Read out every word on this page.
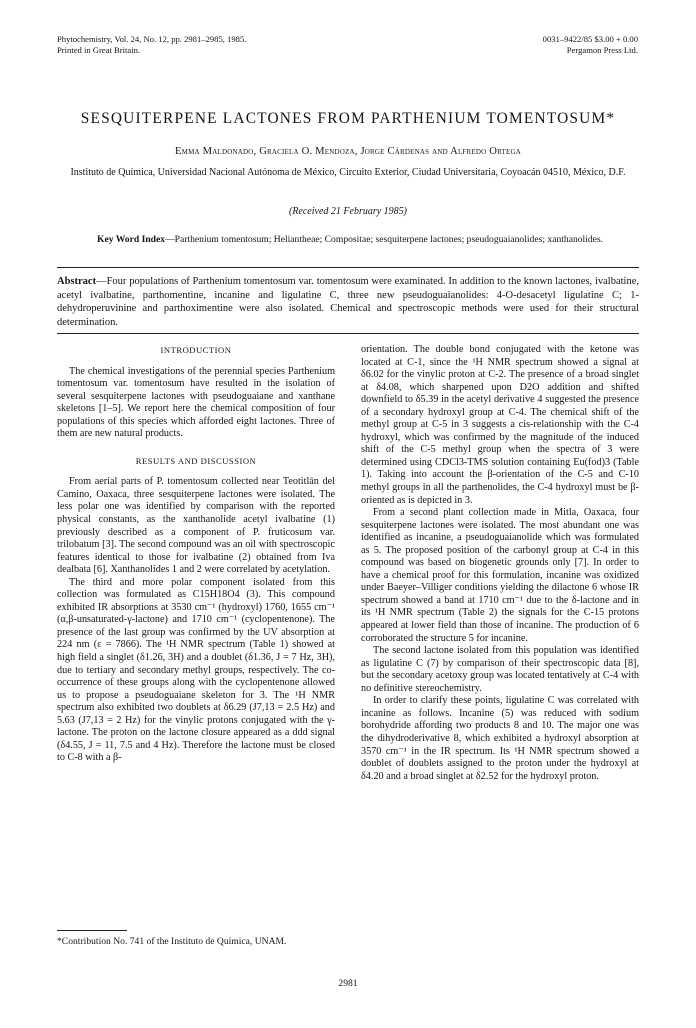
Phytochemistry, Vol. 24, No. 12, pp. 2981–2985, 1985.
Printed in Great Britain.
0031–9422/85 $3.00 + 0.00
Pergamon Press Ltd.
SESQUITERPENE LACTONES FROM PARTHENIUM TOMENTOSUM*
Emma Maldonado, Graciela O. Mendoza, Jorge Cárdenas and Alfredo Ortega
Instituto de Química, Universidad Nacional Autónoma de México, Circuito Exterior, Ciudad Universitaria, Coyoacán 04510, México, D.F.
(Received 21 February 1985)
Key Word Index—Parthenium tomentosum; Heliantheae; Compositae; sesquiterpene lactones; pseudoguaianolides; xanthanolides.
Abstract—Four populations of Parthenium tomentosum var. tomentosum were examinated. In addition to the known lactones, ivalbatine, acetyl ivalbatine, parthomentine, incanine and ligulatine C, three new pseudoguaianolides: 4-O-desacetyl ligulatine C; 1-dehydroperuvinine and parthoximentine were also isolated. Chemical and spectroscopic methods were used for their structural determination.
INTRODUCTION

The chemical investigations of the perennial species Parthenium tomentosum var. tomentosum have resulted in the isolation of several sesquiterpene lactones with pseudoguaiane and xanthane skeletons [1–5]. We report here the chemical composition of four populations of this species which afforded eight lactones. Three of them are new natural products.

RESULTS AND DISCUSSION

From aerial parts of P. tomentosum collected near Teotitlán del Camino, Oaxaca, three sesquiterpene lactones were isolated. The less polar one was identified by comparison with the reported physical constants, as the xanthanolide acetyl ivalbatine (1) previously described as a component of P. fruticosum var. trilobatum [3]. The second compound was an oil with spectroscopic features identical to those for ivalbatine (2) obtained from Iva dealbata [6]. Xanthanolides 1 and 2 were correlated by acetylation.

The third and more polar component isolated from this collection was formulated as C15H18O4 (3). This compound exhibited IR absorptions at 3530 cm⁻¹ (hydroxyl) 1760, 1655 cm⁻¹ (α,β-unsaturated-γ-lactone) and 1710 cm⁻¹ (cyclopentenone). The presence of the last group was confirmed by the UV absorption at 224 nm (ε = 7866). The ¹H NMR spectrum (Table 1) showed at high field a singlet (δ1.26, 3H) and a doublet (δ1.36, J = 7 Hz, 3H), due to tertiary and secondary methyl groups, respectively. The co-occurrence of these groups along with the cyclopentenone allowed us to propose a pseudoguaiane skeleton for 3. The ¹H NMR spectrum also exhibited two doublets at δ6.29 (J7,13 = 2.5 Hz) and 5.63 (J7,13 = 2 Hz) for the vinylic protons conjugated with the γ-lactone. The proton on the lactone closure appeared as a ddd signal (δ4.55, J = 11, 7.5 and 4 Hz). Therefore the lactone must be closed to C-8 with a β-

orientation. The double bond conjugated with the ketone was located at C-1, since the ¹H NMR spectrum showed a signal at δ6.02 for the vinylic proton at C-2. The presence of a broad singlet at δ4.08, which sharpened upon D2O addition and shifted downfield to δ5.39 in the acetyl derivative 4 suggested the presence of a secondary hydroxyl group at C-4. The chemical shift of the methyl group at C-5 in 3 suggests a cis-relationship with the C-4 hydroxyl, which was confirmed by the magnitude of the induced shift of the C-5 methyl group when the spectra of 3 were determined using CDCl3-TMS solution containing Eu(fod)3 (Table 1). Taking into account the β-orientation of the C-5 and C-10 methyl groups in all the parthenolides, the C-4 hydroxyl must be β-oriented as is depicted in 3.

From a second plant collection made in Mitla, Oaxaca, four sesquiterpene lactones were isolated. The most abundant one was identified as incanine, a pseudoguaianolide which was formulated as 5. The proposed position of the carbonyl group at C-4 in this compound was based on biogenetic grounds only [7]. In order to have a chemical proof for this formulation, incanine was oxidized under Baeyer–Villiger conditions yielding the dilactone 6 whose IR spectrum showed a band at 1710 cm⁻¹ due to the δ-lactone and in its ¹H NMR spectrum (Table 2) the signals for the C-15 protons appeared at lower field than those of incanine. The production of 6 corroborated the structure 5 for incanine.

The second lactone isolated from this population was identified as ligulatine C (7) by comparison of their spectroscopic data [8], but the secondary acetoxy group was located tentatively at C-4 with no definitive stereochemistry.

In order to clarify these points, ligulatine C was correlated with incanine as follows. Incanine (5) was reduced with sodium borohydride affording two products 8 and 10. The major one was the dihydroderivative 8, which exhibited a hydroxyl absorption at 3570 cm⁻¹ in the IR spectrum. Its ¹H NMR spectrum showed a doublet of doublets assigned to the proton under the hydroxyl at δ4.20 and a broad singlet at δ2.52 for the hydroxyl proton.

*Contribution No. 741 of the Instituto de Química, UNAM.
2981
